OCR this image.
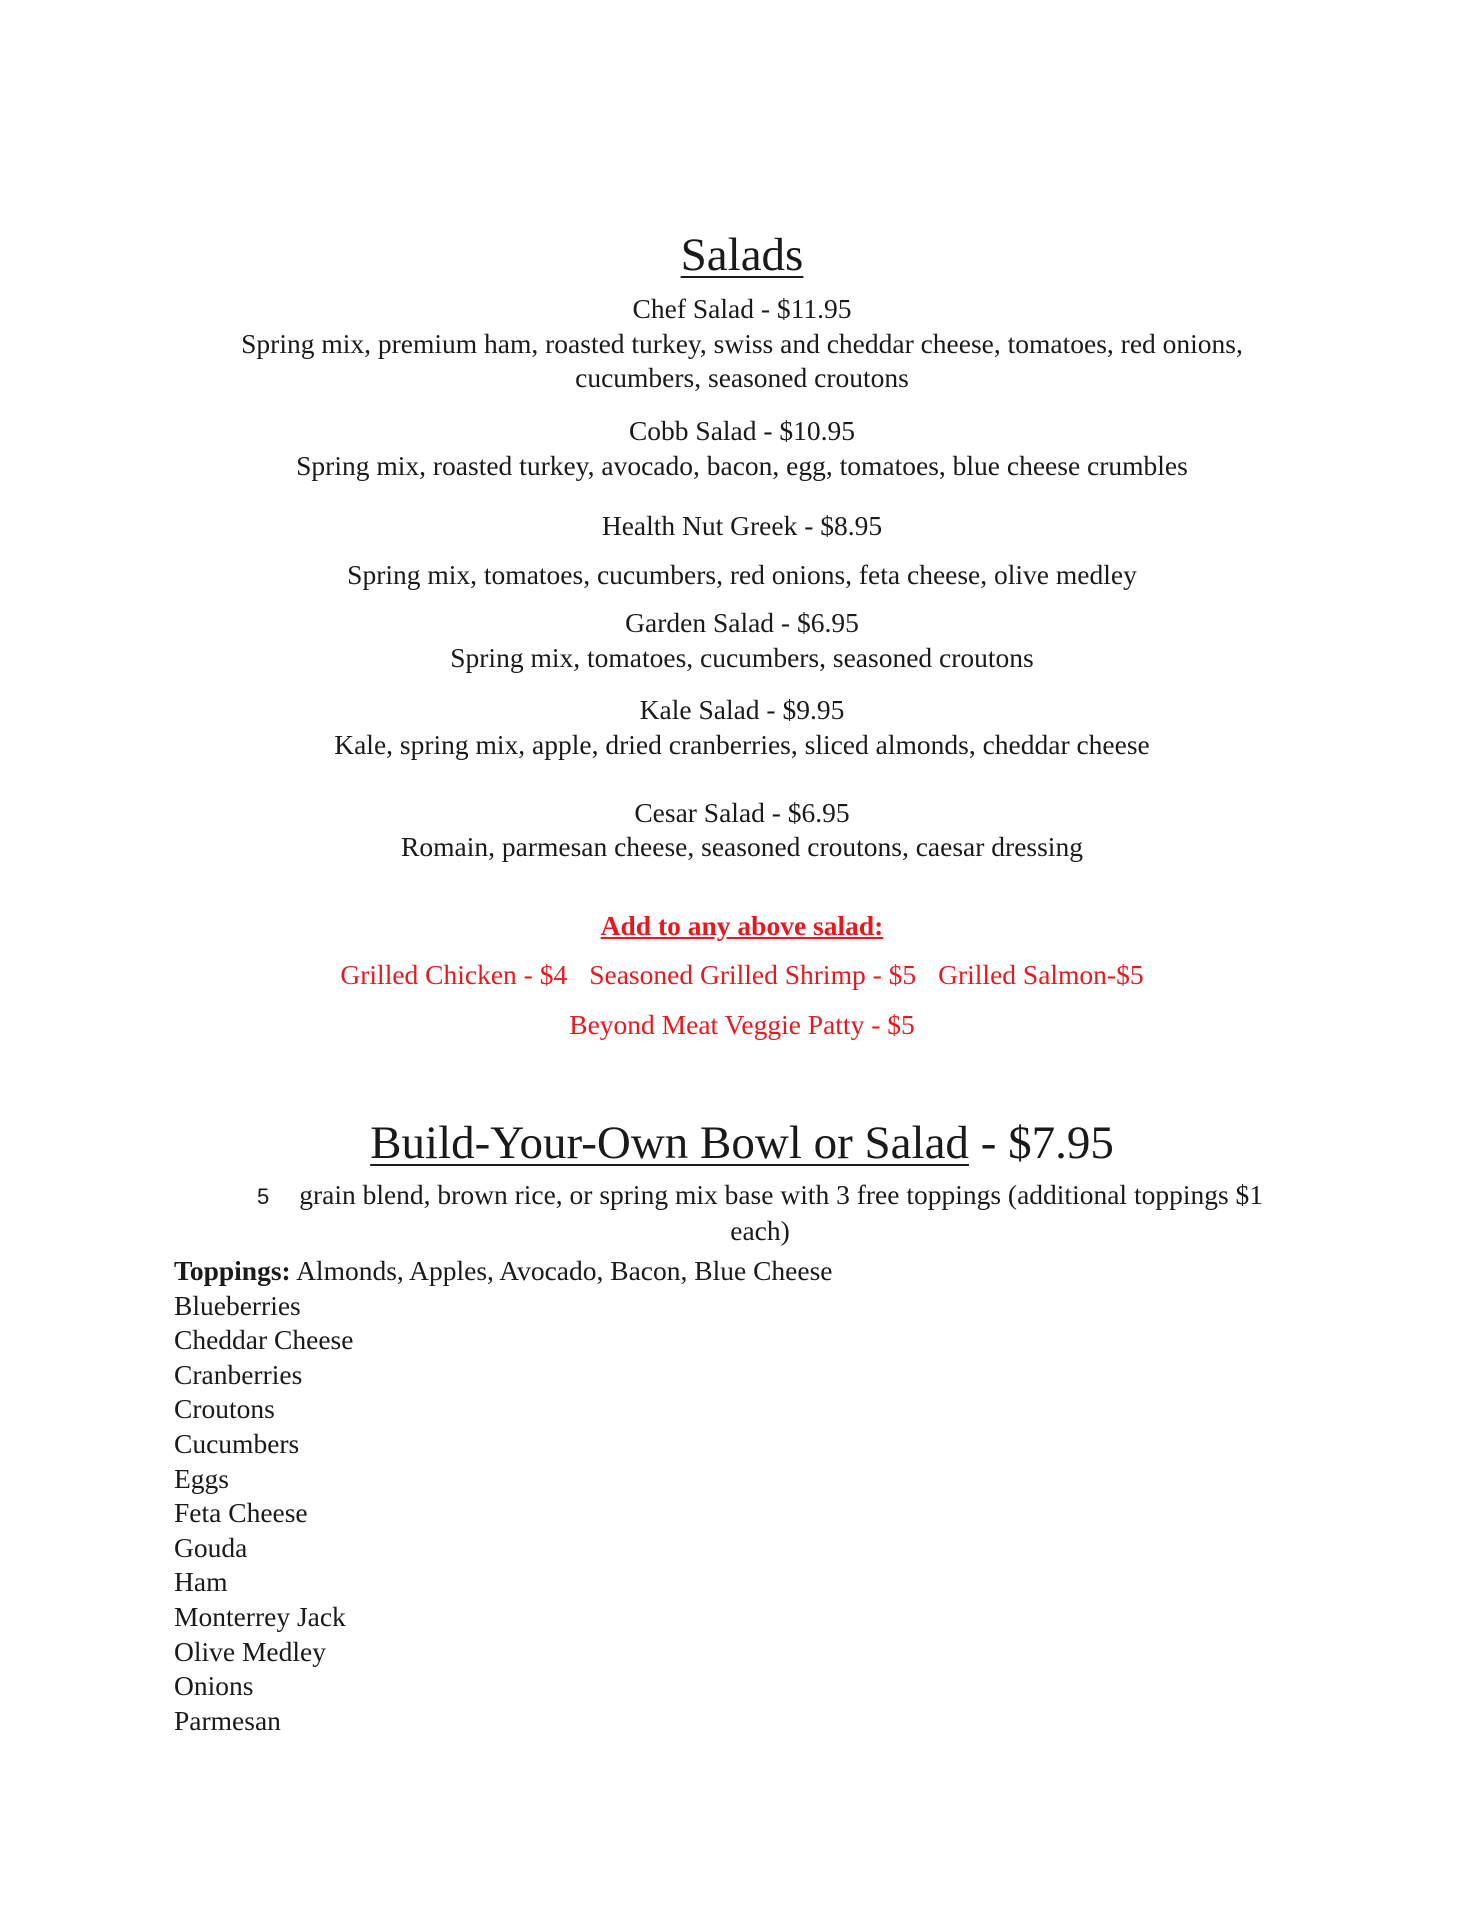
Salads
Chef Salad - $11.95
Spring mix, premium ham, roasted turkey, swiss and cheddar cheese, tomatoes, red onions,
cucumbers, seasoned croutons
Cobb Salad - $10.95
Spring mix, roasted turkey, avocado, bacon, egg, tomatoes, blue cheese crumbles
Health Nut Greek - $8.95
Spring mix, tomatoes, cucumbers, red onions, feta cheese, olive medley
Garden Salad - $6.95
Spring mix, tomatoes, cucumbers, seasoned croutons
Kale Salad - $9.95
Kale, spring mix, apple, dried cranberries, sliced almonds, cheddar cheese
Cesar Salad - $6.95
Romain, parmesan cheese, seasoned croutons, caesar dressing
Add to any above salad:
Grilled Chicken - $4 Seasoned Grilled Shrimp - $5 Grilled Salmon-$5
Beyond Meat Veggie Patty - $5
Build-Your-Own Bowl or Salad - $7.95
5 grain blend, brown rice, or spring mix base with 3 free toppings (additional toppings $1
each)
Toppings: Almonds, Apples, Avocado, Bacon, Blue Cheese
Blueberries
Cheddar Cheese
Cranberries
Croutons
Cucumbers
Eggs
Feta Cheese
Gouda
Ham
Monterrey Jack
Olive Medley
Onions
Parmesan
